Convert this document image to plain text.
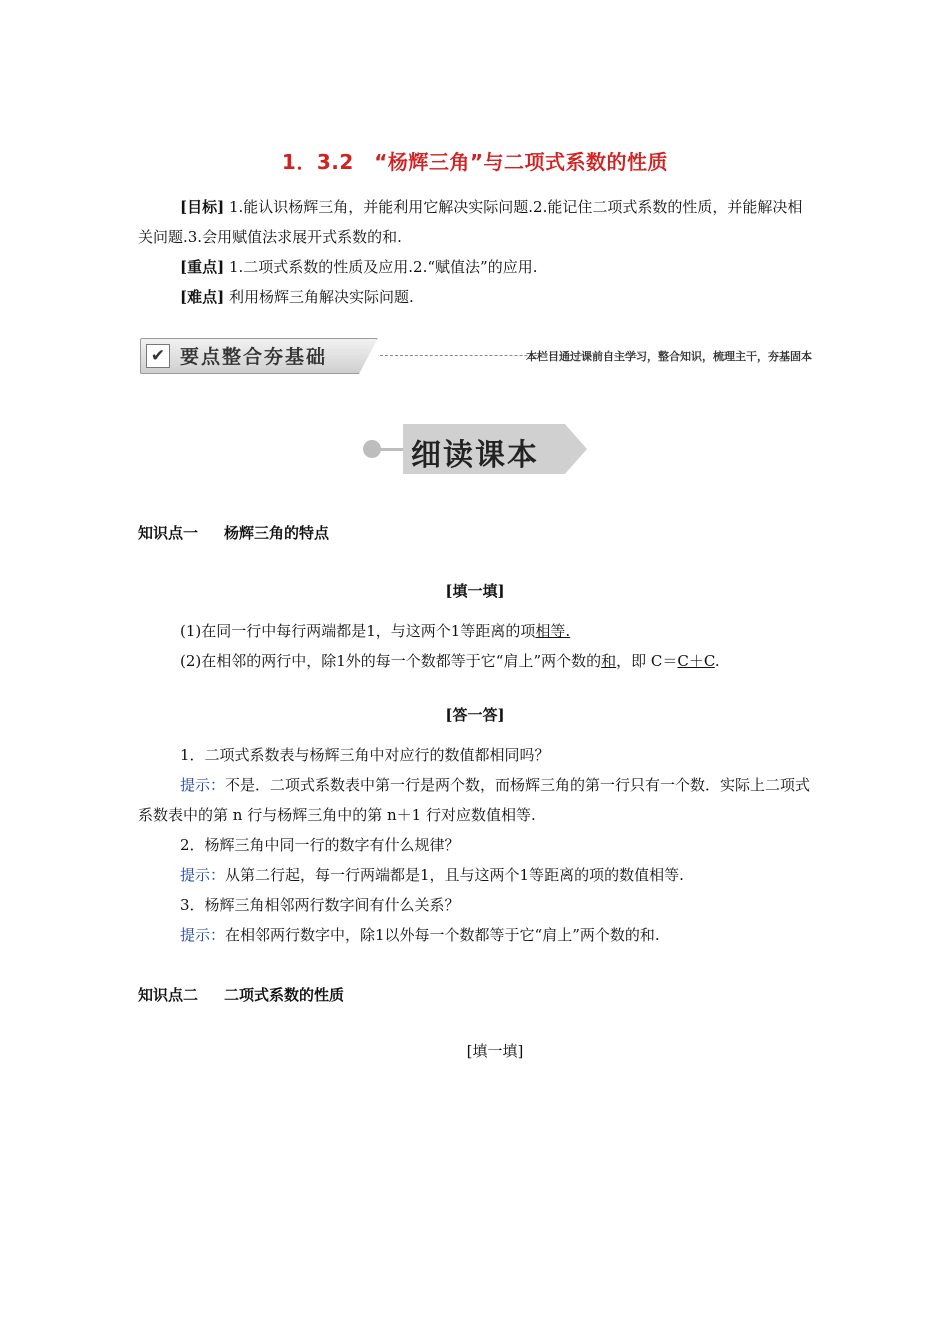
1．3.2　“杨辉三角”与二项式系数的性质
[目标] 1.能认识杨辉三角，并能利用它解决实际问题.2.能记住二项式系数的性质，并能解决相关问题.3.会用赋值法求展开式系数的和.
[重点] 1.二项式系数的性质及应用.2.“赋值法”的应用.
[难点] 利用杨辉三角解决实际问题.
✔ 要点整合夯基础	本栏目通过课前自主学习，整合知识，梳理主干，夯基固本
细读课本
知识点一 杨辉三角的特点
[填一填]
(1)在同一行中每行两端都是1，与这两个1等距离的项相等.
(2)在相邻的两行中，除1外的每一个数都等于它“肩上”两个数的和，即 C＝C＋C.
[答一答]
1．二项式系数表与杨辉三角中对应行的数值都相同吗？
提示：不是．二项式系数表中第一行是两个数，而杨辉三角的第一行只有一个数．实际上二项式系数表中的第 n 行与杨辉三角中的第 n＋1 行对应数值相等.
2．杨辉三角中同一行的数字有什么规律？
提示：从第二行起，每一行两端都是1，且与这两个1等距离的项的数值相等.
3．杨辉三角相邻两行数字间有什么关系？
提示：在相邻两行数字中，除1以外每一个数都等于它“肩上”两个数的和.
知识点二 二项式系数的性质
[填一填]
